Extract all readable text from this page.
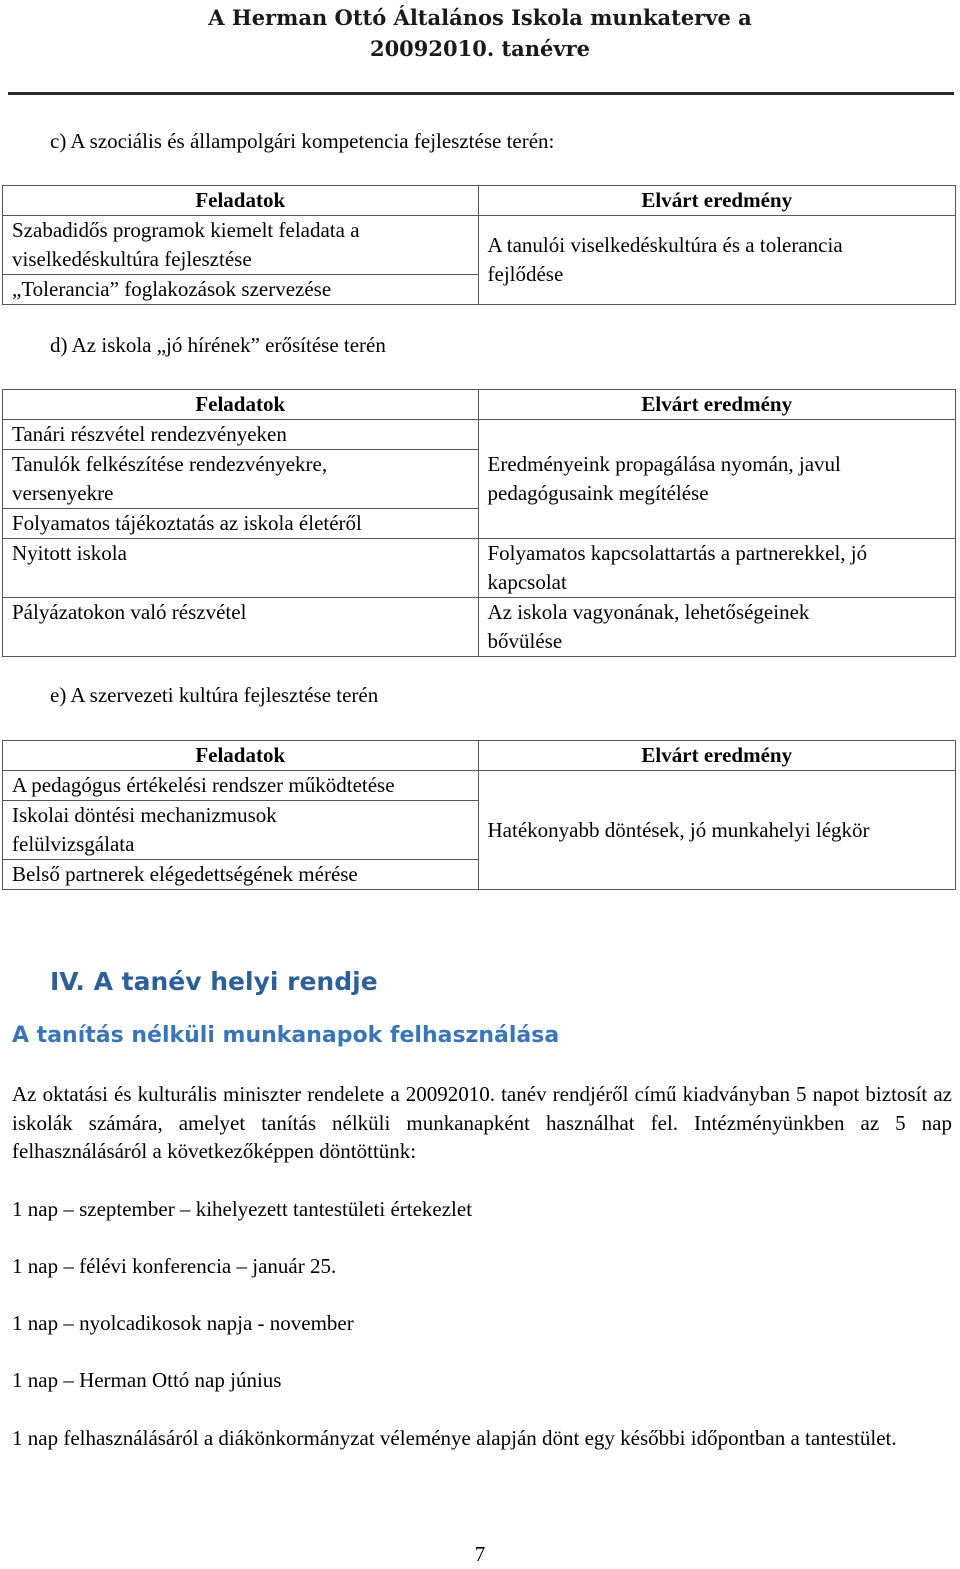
A Herman Ottó Általános Iskola munkaterve a
20092010. tanévre
c) A szociális és állampolgári kompetencia fejlesztése terén:
Feladatok	Elvárt eredmény

Szabadidős programok kiemelt feladata a
viselkedéskultúra fejlesztése	A tanulói viselkedéskultúra és a tolerancia
fejlődése

„Tolerancia” foglakozások szervezése	
d) Az iskola „jó hírének” erősítése terén
Feladatok	Elvárt eredmény

Tanári részvétel rendezvényeken	Eredményeink propagálása nyomán, javul
pedagógusaink megítélése

Tanulók felkészítése rendezvényekre,
versenyekre	

Folyamatos tájékoztatás az iskola életéről	

Nyitott iskola	Folyamatos kapcsolattartás a partnerekkel, jó
kapcsolat

Pályázatokon való részvétel	Az iskola vagyonának, lehetőségeinek
bővülése
e) A szervezeti kultúra fejlesztése terén
Feladatok	Elvárt eredmény

A pedagógus értékelési rendszer működtetése	Hatékonyabb döntések, jó munkahelyi légkör

Iskolai döntési mechanizmusok
felülvizsgálata	

Belső partnerek elégedettségének mérése	
IV. A tanév helyi rendje
A tanítás nélküli munkanapok felhasználása
Az oktatási és kulturális miniszter rendelete a 20092010. tanév rendjéről című kiadványban 5 napot biztosít az iskolák számára, amelyet tanítás nélküli munkanapként használhat fel. Intézményünkben az 5 nap felhasználásáról a következőképpen döntöttünk:
1 nap – szeptember – kihelyezett tantestületi értekezlet
1 nap – félévi konferencia – január 25.
1 nap – nyolcadikosok napja - november
1 nap – Herman Ottó nap június
1 nap felhasználásáról a diákönkormányzat véleménye alapján dönt egy későbbi időpontban a tantestület.
7
